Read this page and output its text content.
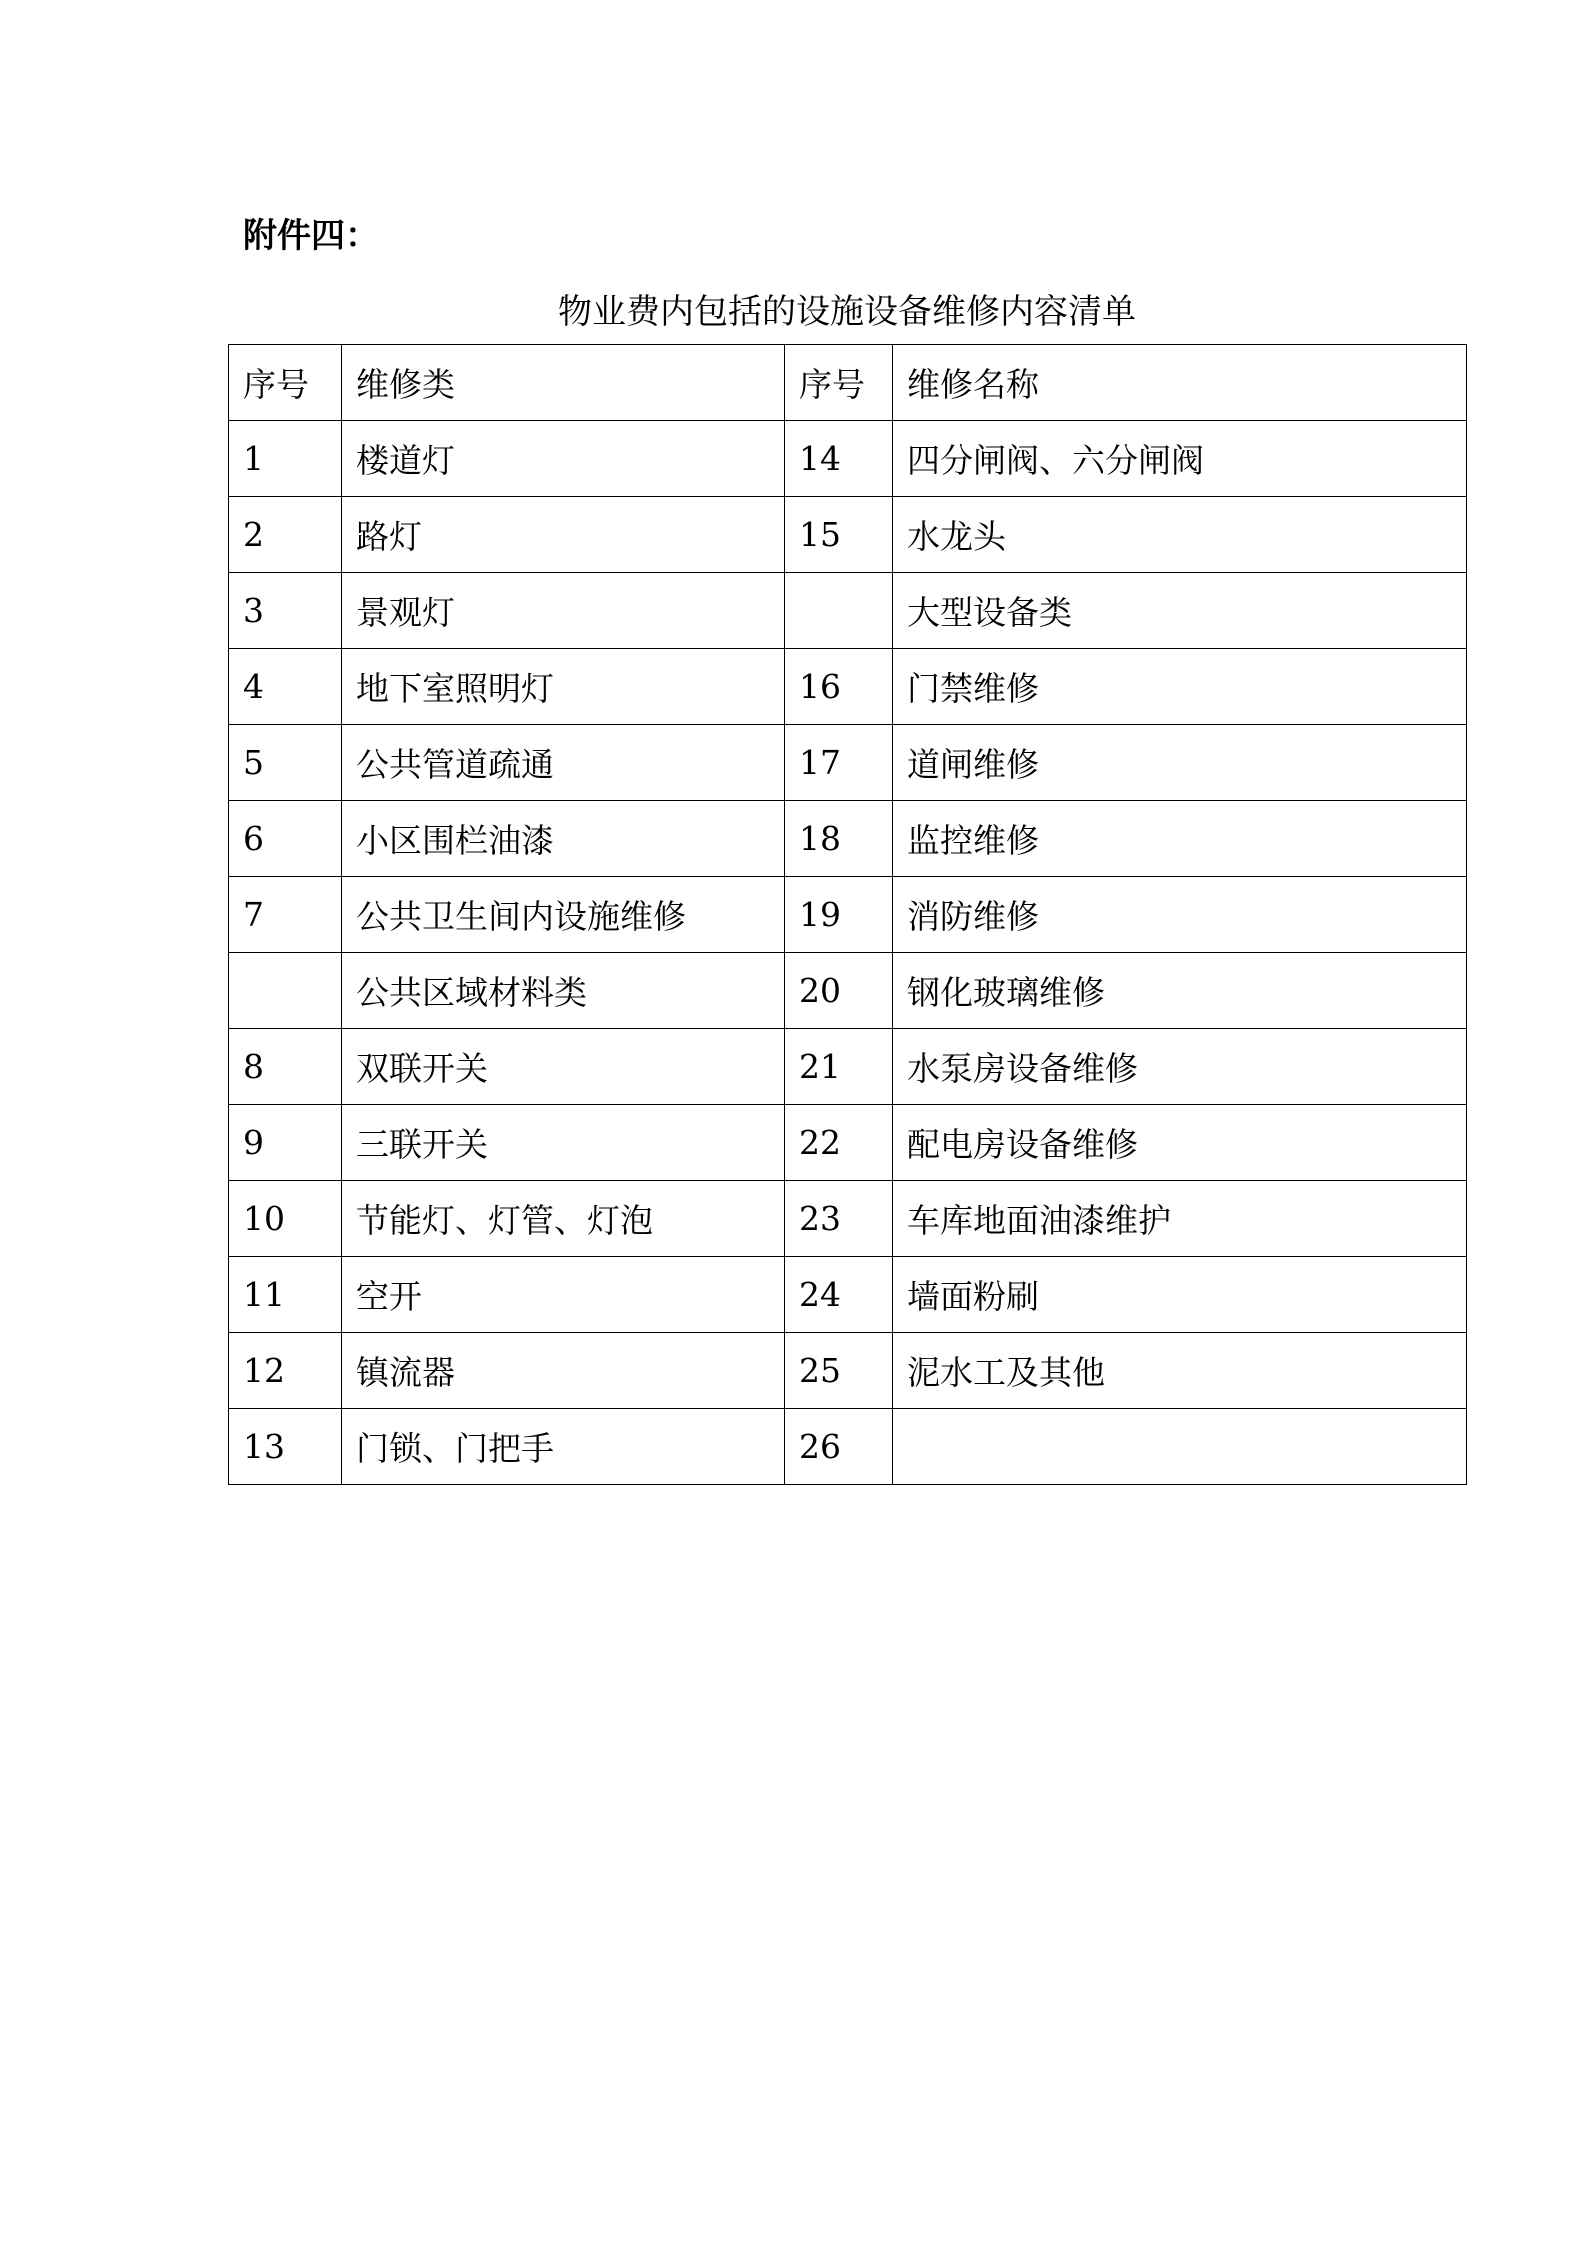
附件四：
物业费内包括的设施设备维修内容清单
序号	维修类	序号	维修名称
1	楼道灯	14	四分闸阀、六分闸阀
2	路灯	15	水龙头
3	景观灯		大型设备类
4	地下室照明灯	16	门禁维修
5	公共管道疏通	17	道闸维修
6	小区围栏油漆	18	监控维修
7	公共卫生间内设施维修	19	消防维修
	公共区域材料类	20	钢化玻璃维修
8	双联开关	21	水泵房设备维修
9	三联开关	22	配电房设备维修
10	节能灯、灯管、灯泡	23	车库地面油漆维护
11	空开	24	墙面粉刷
12	镇流器	25	泥水工及其他
13	门锁、门把手	26	
